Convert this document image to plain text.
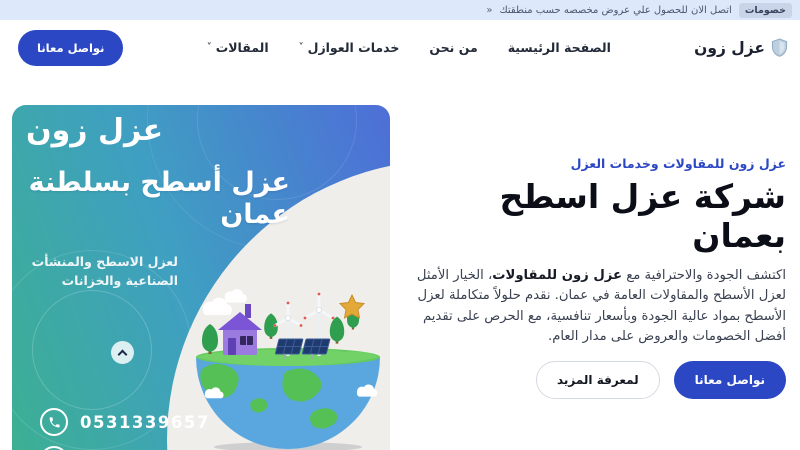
خصومات
اتصل الان للحصول علي عروض مخصصه حسب منطقتك
«
عزل زون
الصفحة الرئيسية
من نحن
خدمات العوازل
˅
المقالات
˅
نواصل معانا
عزل زون للمقاولات وخدمات العزل
شركة عزل اسطح
بعمان

اكتشف الجودة والاحترافية مع عزل زون للمقاولات، الخيار الأمثل لعزل الأسطح والمقاولات العامة في عمان. نقدم حلولاً متكاملة لعزل الأسطح بمواد عالية الجودة وبأسعار تنافسية، مع الحرص على تقديم أفضل الخصومات والعروض على مدار العام.

نواصل معانا
لمعرفة المزيد
عزل زون
عزل أسطح بسلطنة
عمان
لعزل الاسطح والمنشأت الصناعية والخزانات
0531339657
